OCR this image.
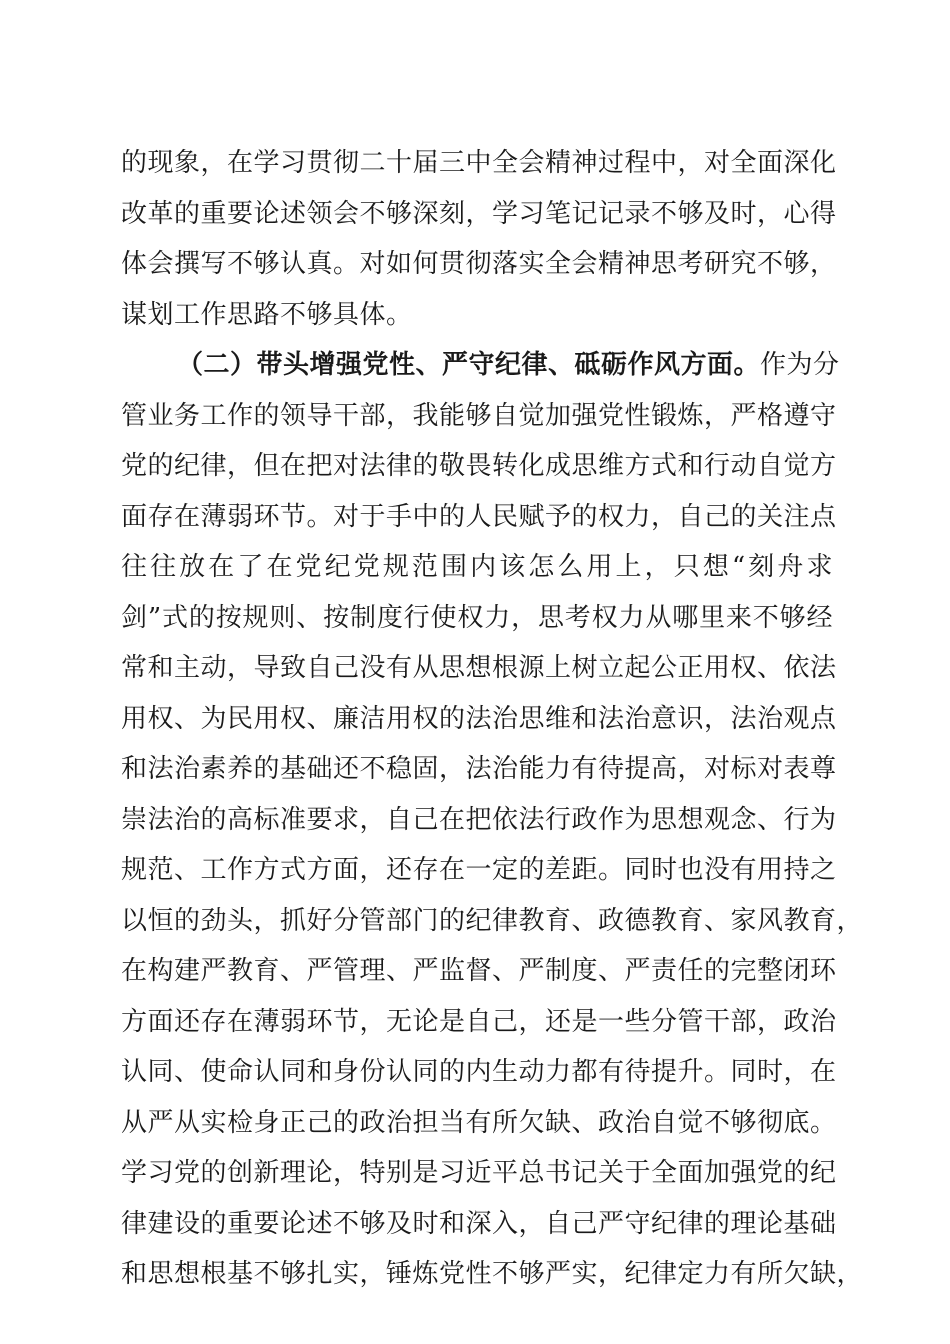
的现象，在学习贯彻二十届三中全会精神过程中，对全面深化
改革的重要论述领会不够深刻，学习笔记记录不够及时，心得
体会撰写不够认真。对如何贯彻落实全会精神思考研究不够，
谋划工作思路不够具体。
（二）带头增强党性、严守纪律、砥砺作风方面。作为分
管业务工作的领导干部，我能够自觉加强党性锻炼，严格遵守
党的纪律，但在把对法律的敬畏转化成思维方式和行动自觉方
面存在薄弱环节。对于手中的人民赋予的权力，自己的关注点
往往放在了在党纪党规范围内该怎么用上，只想“刻舟求
剑”式的按规则、按制度行使权力，思考权力从哪里来不够经
常和主动，导致自己没有从思想根源上树立起公正用权、依法
用权、为民用权、廉洁用权的法治思维和法治意识，法治观点
和法治素养的基础还不稳固，法治能力有待提高，对标对表尊
崇法治的高标准要求，自己在把依法行政作为思想观念、行为
规范、工作方式方面，还存在一定的差距。同时也没有用持之
以恒的劲头，抓好分管部门的纪律教育、政德教育、家风教育，
在构建严教育、严管理、严监督、严制度、严责任的完整闭环
方面还存在薄弱环节，无论是自己，还是一些分管干部，政治
认同、使命认同和身份认同的内生动力都有待提升。同时，在
从严从实检身正己的政治担当有所欠缺、政治自觉不够彻底。
学习党的创新理论，特别是习近平总书记关于全面加强党的纪
律建设的重要论述不够及时和深入，自己严守纪律的理论基础
和思想根基不够扎实，锤炼党性不够严实，纪律定力有所欠缺，
